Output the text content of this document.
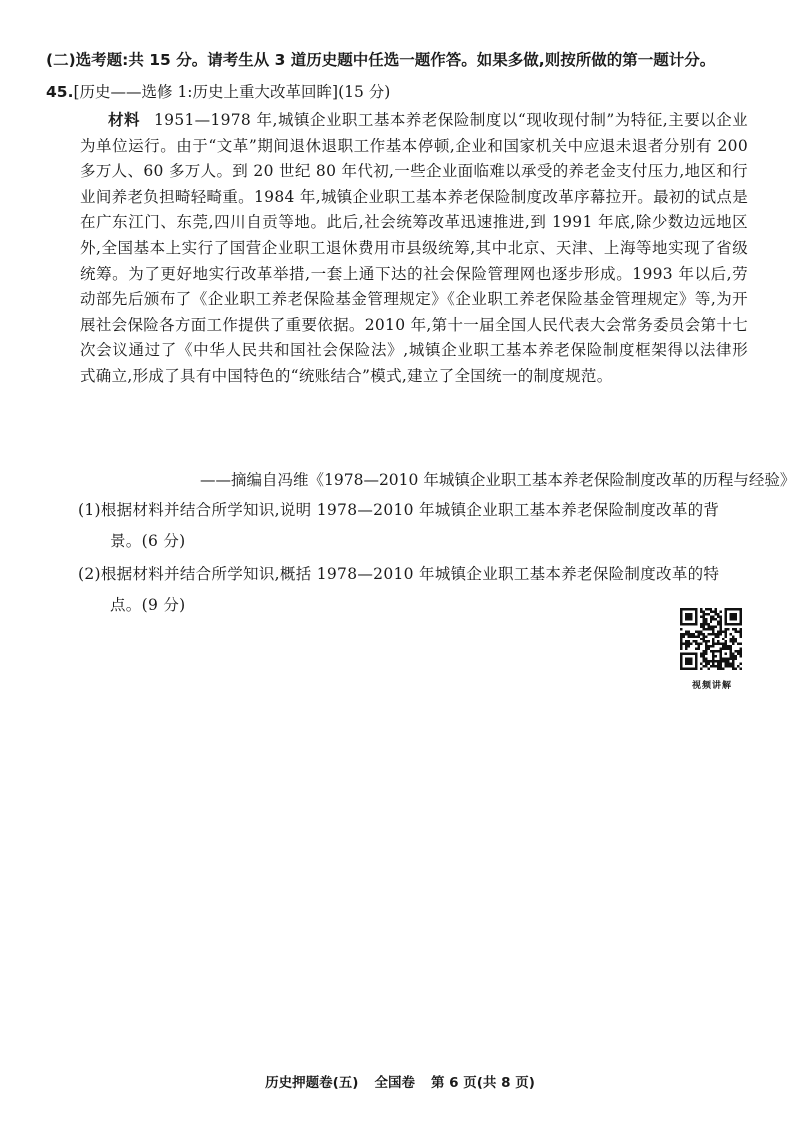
(二)选考题:共 15 分。请考生从 3 道历史题中任选一题作答。如果多做,则按所做的第一题计分。
45.[历史——选修 1:历史上重大改革回眸](15 分)
材料 1951—1978 年,城镇企业职工基本养老保险制度以“现收现付制”为特征,主要以企业为单位运行。由于“文革”期间退休退职工作基本停顿,企业和国家机关中应退未退者分别有 200 多万人、60 多万人。到 20 世纪 80 年代初,一些企业面临难以承受的养老金支付压力,地区和行业间养老负担畸轻畸重。1984 年,城镇企业职工基本养老保险制度改革序幕拉开。最初的试点是在广东江门、东莞,四川自贡等地。此后,社会统筹改革迅速推进,到 1991 年底,除少数边远地区外,全国基本上实行了国营企业职工退休费用市县级统筹,其中北京、天津、上海等地实现了省级统筹。为了更好地实行改革举措,一套上通下达的社会保险管理网也逐步形成。1993 年以后,劳动部先后颁布了《企业职工养老保险基金管理规定》《企业职工养老保险基金管理规定》等,为开展社会保险各方面工作提供了重要依据。2010 年,第十一届全国人民代表大会常务委员会第十七次会议通过了《中华人民共和国社会保险法》,城镇企业职工基本养老保险制度框架得以法律形式确立,形成了具有中国特色的“统账结合”模式,建立了全国统一的制度规范。
——摘编自冯维《1978—2010 年城镇企业职工基本养老保险制度改革的历程与经验》
(1)根据材料并结合所学知识,说明 1978—2010 年城镇企业职工基本养老保险制度改革的背景。(6 分)
(2)根据材料并结合所学知识,概括 1978—2010 年城镇企业职工基本养老保险制度改革的特点。(9 分)
视频讲解
历史押题卷(五) 全国卷 第 6 页(共 8 页)
